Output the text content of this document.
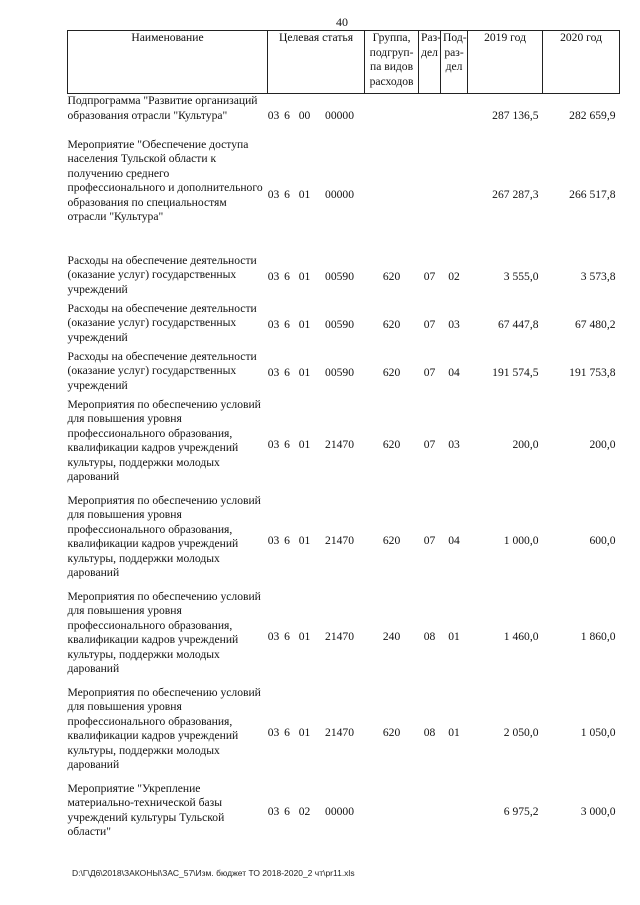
40
Наименование	Целевая статья				Группа, подгруп-па видов расходов	Раз-дел	Под-раз-дел	2019 год	2020 год
Подпрограмма "Развитие организаций образования отрасли "Культура"	03	6	00	00000				287 136,5	282 659,9
Мероприятие "Обеспечение доступа населения Тульской области к получению среднего профессионального и дополнительного образования по специальностям отрасли "Культура"	03	6	01	00000				267 287,3	266 517,8
Расходы на обеспечение деятельности (оказание услуг) государственных учреждений	03	6	01	00590	620	07	02	3 555,0	3 573,8
Расходы на обеспечение деятельности (оказание услуг) государственных учреждений	03	6	01	00590	620	07	03	67 447,8	67 480,2
Расходы на обеспечение деятельности (оказание услуг) государственных учреждений	03	6	01	00590	620	07	04	191 574,5	191 753,8
Мероприятия по обеспечению условий для повышения уровня профессионального образования, квалификации кадров учреждений культуры, поддержки молодых дарований	03	6	01	21470	620	07	03	200,0	200,0
Мероприятия по обеспечению условий для повышения уровня профессионального образования, квалификации кадров учреждений культуры, поддержки молодых дарований	03	6	01	21470	620	07	04	1 000,0	600,0
Мероприятия по обеспечению условий для повышения уровня профессионального образования, квалификации кадров учреждений культуры, поддержки молодых дарований	03	6	01	21470	240	08	01	1 460,0	1 860,0
Мероприятия по обеспечению условий для повышения уровня профессионального образования, квалификации кадров учреждений культуры, поддержки молодых дарований	03	6	01	21470	620	08	01	2 050,0	1 050,0
Мероприятие "Укрепление материально-технической базы учреждений культуры Тульской области"	03	6	02	00000				6 975,2	3 000,0
D:\Г\Д6\2018\ЗАКОНЫ\ЗАС_57\Изм. бюджет ТО 2018-2020_2 чт\pr11.xls
